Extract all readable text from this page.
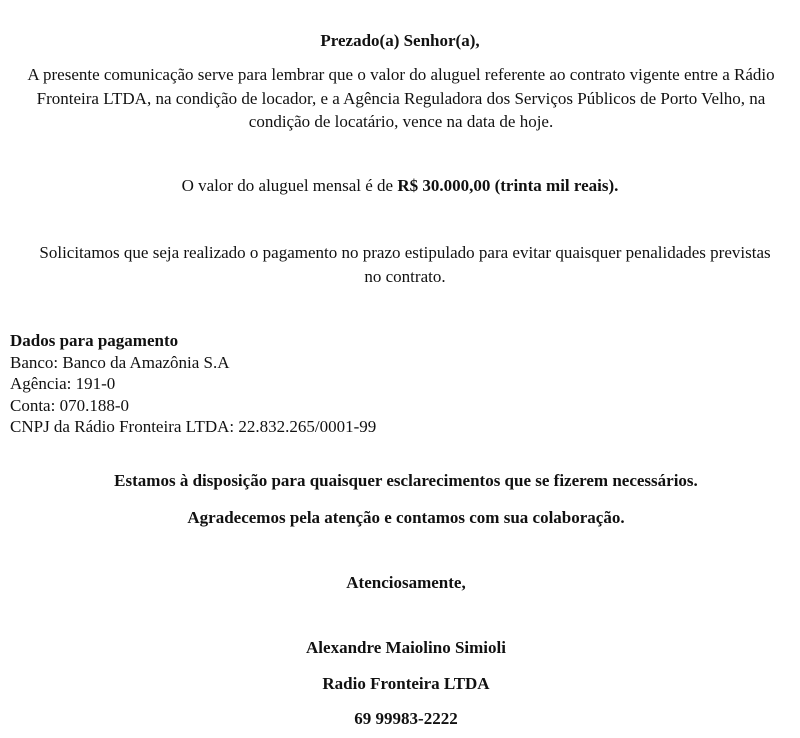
Prezado(a) Senhor(a),
A presente comunicação serve para lembrar que o valor do aluguel referente ao contrato vigente entre a Rádio Fronteira LTDA, na condição de locador, e a Agência Reguladora dos Serviços Públicos de Porto Velho, na condição de locatário, vence na data de hoje.
O valor do aluguel mensal é de R$ 30.000,00 (trinta mil reais).
Solicitamos que seja realizado o pagamento no prazo estipulado para evitar quaisquer penalidades previstas no contrato.
Dados para pagamento
Banco: Banco da Amazônia S.A
Agência: 191-0
Conta: 070.188-0
CNPJ da Rádio Fronteira LTDA: 22.832.265/0001-99
Estamos à disposição para quaisquer esclarecimentos que se fizerem necessários.
Agradecemos pela atenção e contamos com sua colaboração.
Atenciosamente,
Alexandre Maiolino Simioli
Radio Fronteira LTDA
69 99983-2222
